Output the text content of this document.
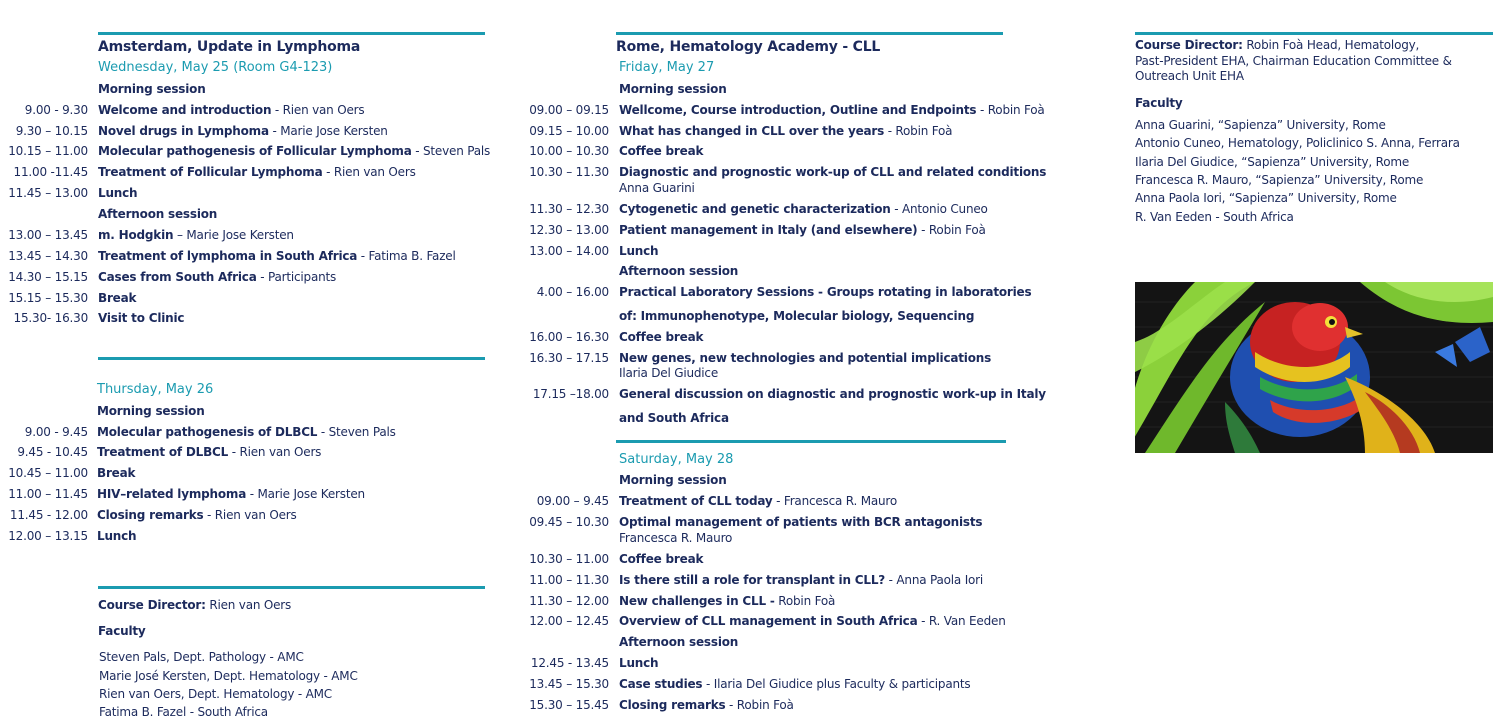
Amsterdam, Update in Lymphoma
Wednesday, May 25 (Room G4-123)
Morning session
9.00 - 9.30 Welcome and introduction - Rien van Oers
9.30 – 10.15 Novel drugs in Lymphoma - Marie Jose Kersten
10.15 – 11.00 Molecular pathogenesis of Follicular Lymphoma - Steven Pals
11.00 -11.45 Treatment of Follicular Lymphoma - Rien van Oers
11.45 – 13.00 Lunch
Afternoon session
13.00 – 13.45 m. Hodgkin – Marie Jose Kersten
13.45 – 14.30 Treatment of lymphoma in South Africa - Fatima B. Fazel
14.30 – 15.15 Cases from South Africa - Participants
15.15 – 15.30 Break
15.30- 16.30 Visit to Clinic
Thursday, May 26
Morning session
9.00 - 9.45 Molecular pathogenesis of DLBCL - Steven Pals
9.45 - 10.45 Treatment of DLBCL - Rien van Oers
10.45 – 11.00 Break
11.00 – 11.45 HIV–related lymphoma - Marie Jose Kersten
11.45 - 12.00 Closing remarks - Rien van Oers
12.00 – 13.15 Lunch
Course Director: Rien van Oers
Faculty
Steven Pals, Dept. Pathology - AMC
Marie José Kersten, Dept. Hematology - AMC
Rien van Oers, Dept. Hematology - AMC
Fatima B. Fazel - South Africa
Rome, Hematology Academy - CLL
Friday, May 27
Morning session
09.00 – 09.15 Wellcome, Course introduction, Outline and Endpoints - Robin Foà
09.15 – 10.00 What has changed in CLL over the years - Robin Foà
10.00 – 10.30 Coffee break
10.30 – 11.30 Diagnostic and prognostic work-up of CLL and related conditions
Anna Guarini
11.30 – 12.30 Cytogenetic and genetic characterization - Antonio Cuneo
12.30 – 13.00 Patient management in Italy (and elsewhere) - Robin Foà
13.00 – 14.00 Lunch
Afternoon session
4.00 – 16.00 Practical Laboratory Sessions - Groups rotating in laboratories
of: Immunophenotype, Molecular biology, Sequencing
16.00 – 16.30 Coffee break
16.30 – 17.15 New genes, new technologies and potential implications
Ilaria Del Giudice
17.15 –18.00 General discussion on diagnostic and prognostic work-up in Italy
and South Africa
Saturday, May 28
Morning session
09.00 – 9.45 Treatment of CLL today - Francesca R. Mauro
09.45 – 10.30 Optimal management of patients with BCR antagonists
Francesca R. Mauro
10.30 – 11.00 Coffee break
11.00 – 11.30 Is there still a role for transplant in CLL? - Anna Paola Iori
11.30 – 12.00 New challenges in CLL - Robin Foà
12.00 – 12.45 Overview of CLL management in South Africa - R. Van Eeden
Afternoon session
12.45 - 13.45 Lunch
13.45 – 15.30 Case studies - Ilaria Del Giudice plus Faculty & participants
15.30 – 15.45 Closing remarks - Robin Foà
Course Director: Robin Foà Head, Hematology,
Past-President EHA, Chairman Education Committee &
Outreach Unit EHA
Faculty
Anna Guarini, “Sapienza” University, Rome
Antonio Cuneo, Hematology, Policlinico S. Anna, Ferrara
Ilaria Del Giudice, “Sapienza” University, Rome
Francesca R. Mauro, “Sapienza” University, Rome
Anna Paola Iori, “Sapienza” University, Rome
R. Van Eeden - South Africa
